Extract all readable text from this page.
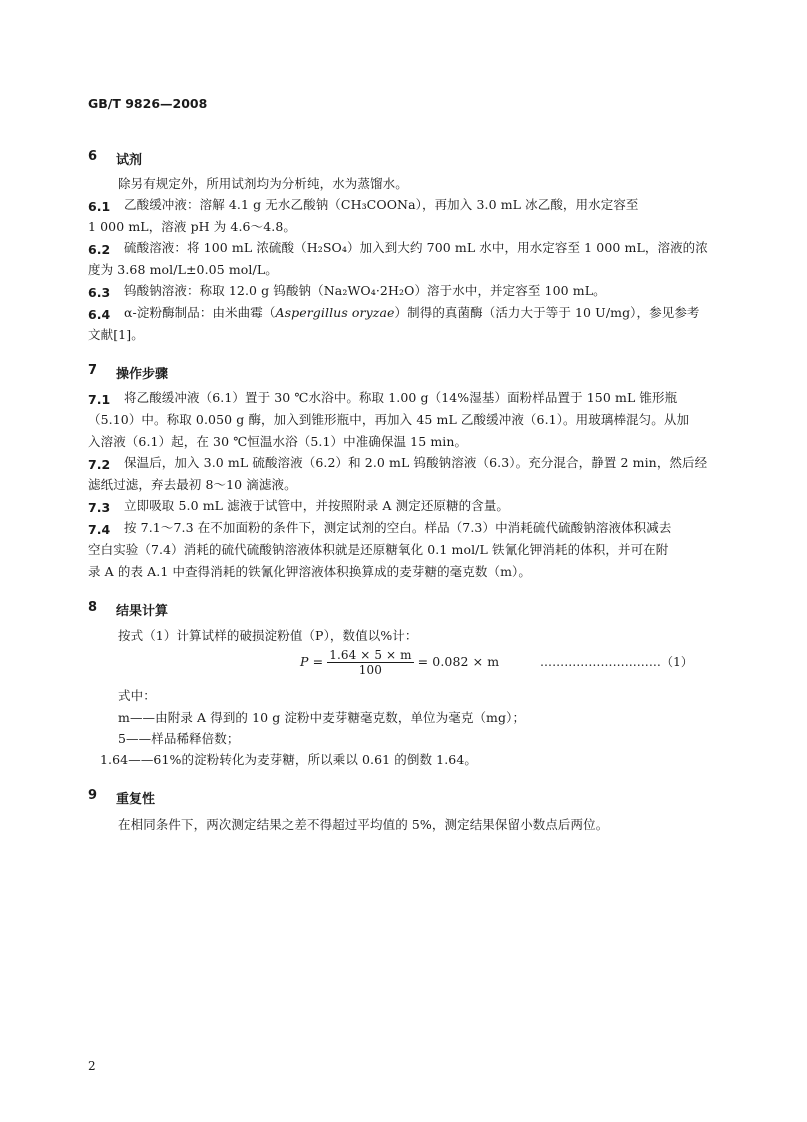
GB/T 9826—2008
6 试剂
除另有规定外，所用试剂均为分析纯，水为蒸馏水。
6.1 乙酸缓冲液：溶解 4.1 g 无水乙酸钠（CH₃COONa），再加入 3.0 mL 冰乙酸，用水定容至
1 000 mL，溶液 pH 为 4.6～4.8。
6.2 硫酸溶液：将 100 mL 浓硫酸（H₂SO₄）加入到大约 700 mL 水中，用水定容至 1 000 mL，溶液的浓
度为 3.68 mol/L±0.05 mol/L。
6.3 钨酸钠溶液：称取 12.0 g 钨酸钠（Na₂WO₄·2H₂O）溶于水中，并定容至 100 mL。
6.4 α-淀粉酶制品：由米曲霉（Aspergillus oryzae）制得的真菌酶（活力大于等于 10 U/mg），参见参考
文献[1]。
7 操作步骤
7.1 将乙酸缓冲液（6.1）置于 30 ℃水浴中。称取 1.00 g（14%湿基）面粉样品置于 150 mL 锥形瓶
（5.10）中。称取 0.050 g 酶，加入到锥形瓶中，再加入 45 mL 乙酸缓冲液（6.1）。用玻璃棒混匀。从加
入溶液（6.1）起，在 30 ℃恒温水浴（5.1）中准确保温 15 min。
7.2 保温后，加入 3.0 mL 硫酸溶液（6.2）和 2.0 mL 钨酸钠溶液（6.3）。充分混合，静置 2 min，然后经
滤纸过滤，弃去最初 8～10 滴滤液。
7.3 立即吸取 5.0 mL 滤液于试管中，并按照附录 A 测定还原糖的含量。
7.4 按 7.1～7.3 在不加面粉的条件下，测定试剂的空白。样品（7.3）中消耗硫代硫酸钠溶液体积减去
空白实验（7.4）消耗的硫代硫酸钠溶液体积就是还原糖氧化 0.1 mol/L 铁氰化钾消耗的体积，并可在附
录 A 的表 A.1 中查得消耗的铁氰化钾溶液体积换算成的麦芽糖的毫克数（m）。
8 结果计算
按式（1）计算试样的破损淀粉值（P），数值以%计：
$P = \frac{1.64 \times 5 \times m}{100} = 0.082 \times m$	…………………………（1）
式中：
m——由附录 A 得到的 10 g 淀粉中麦芽糖毫克数，单位为毫克（mg）；
5——样品稀释倍数；
1.64——61%的淀粉转化为麦芽糖，所以乘以 0.61 的倒数 1.64。
9 重复性
在相同条件下，两次测定结果之差不得超过平均值的 5%，测定结果保留小数点后两位。
2
